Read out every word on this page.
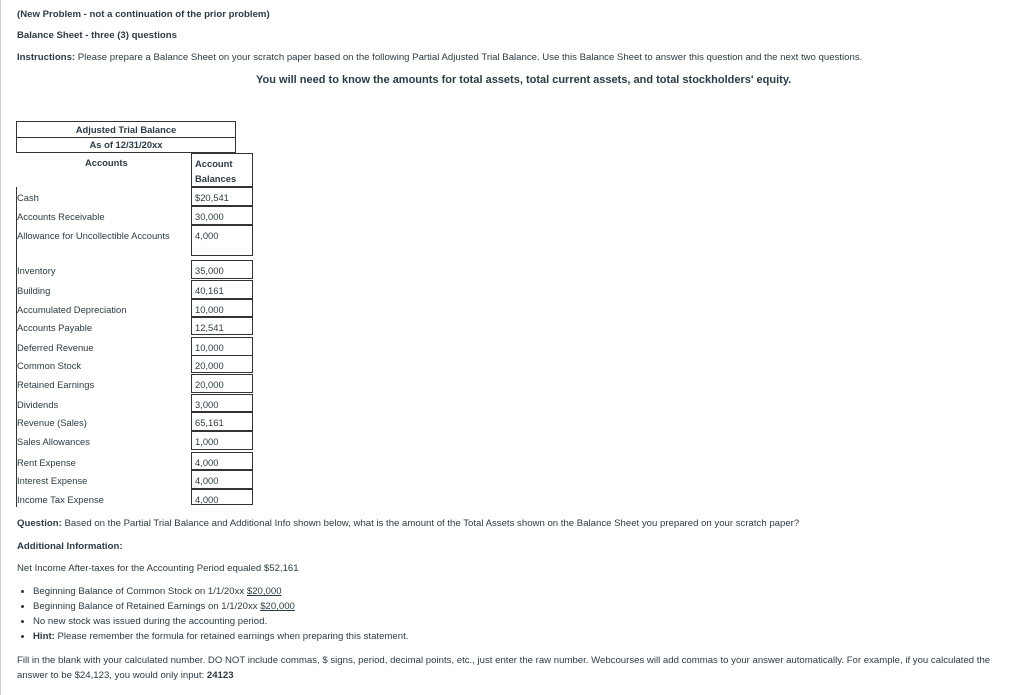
(New Problem - not a continuation of the prior problem)
Balance Sheet - three (3) questions
Instructions: Please prepare a Balance Sheet on your scratch paper based on the following Partial Adjusted Trial Balance. Use this Balance Sheet to answer this question and the next two questions.
You will need to know the amounts for total assets, total current assets, and total stockholders' equity.
Adjusted Trial Balance
As of 12/31/20xx
Accounts	Account
Balances
Cash	$20,541
Accounts Receivable	30,000
Allowance for Uncollectible Accounts	4,000
Inventory	35,000
Building	40,161
Accumulated Depreciation	10,000
Accounts Payable	12,541
Deferred Revenue	10,000
Common Stock	20,000
Retained Earnings	20,000
Dividends	3,000
Revenue (Sales)	65,161
Sales Allowances	1,000
Rent Expense	4,000
Interest Expense	4,000
Income Tax Expense	4,000
Question: Based on the Partial Trial Balance and Additional Info shown below, what is the amount of the Total Assets shown on the Balance Sheet you prepared on your scratch paper?
Additional Information:
Net Income After-taxes for the Accounting Period equaled $52,161
• Beginning Balance of Common Stock on 1/1/20xx $20,000
• Beginning Balance of Retained Earnings on 1/1/20xx $20,000
• No new stock was issued during the accounting period.
• Hint: Please remember the formula for retained earnings when preparing this statement.
Fill in the blank with your calculated number. DO NOT include commas, $ signs, period, decimal points, etc., just enter the raw number. Webcourses will add commas to your answer automatically. For example, if you calculated the answer to be $24,123, you would only input: 24123
